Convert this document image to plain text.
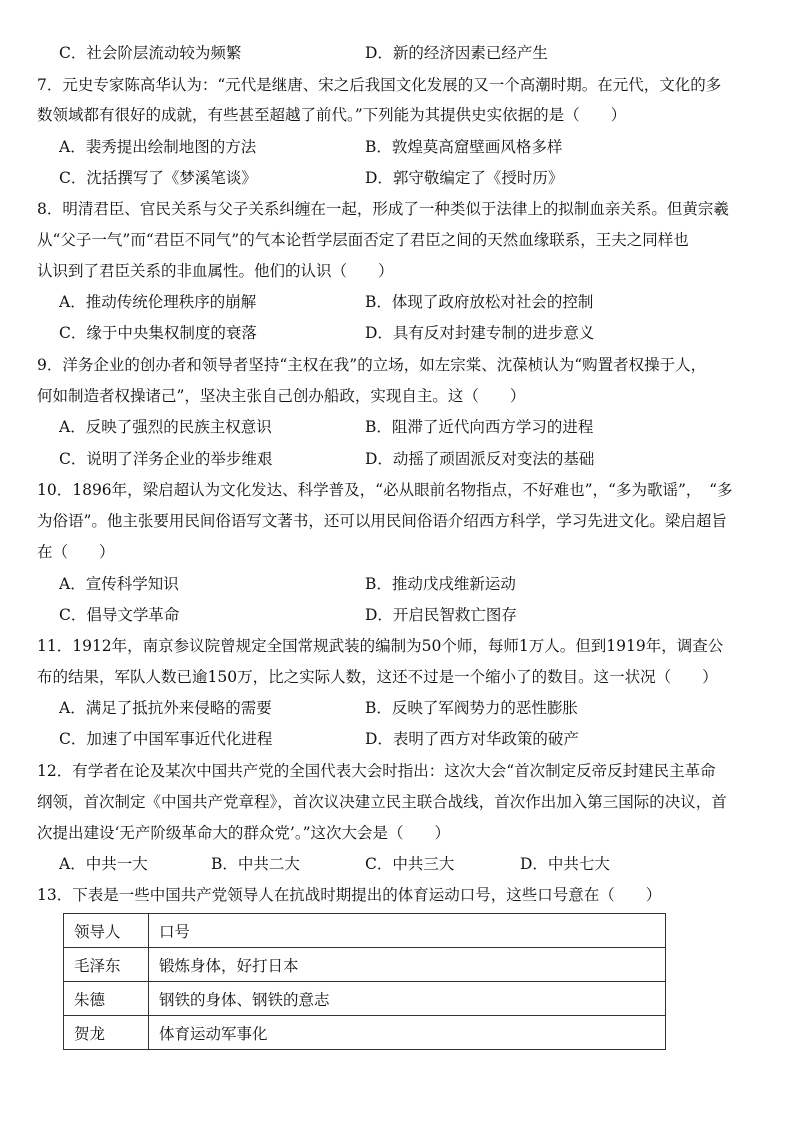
C．社会阶层流动较为频繁	D．新的经济因素已经产生
7．元史专家陈高华认为：“元代是继唐、宋之后我国文化发展的又一个高潮时期。在元代，文化的多
数领域都有很好的成就，有些甚至超越了前代。”下列能为其提供史实依据的是（　　）
A．裴秀提出绘制地图的方法	B．敦煌莫高窟壁画风格多样
C．沈括撰写了《梦溪笔谈》	D．郭守敬编定了《授时历》
8．明清君臣、官民关系与父子关系纠缠在一起，形成了一种类似于法律上的拟制血亲关系。但黄宗羲
从“父子一气”而“君臣不同气”的气本论哲学层面否定了君臣之间的天然血缘联系，王夫之同样也
认识到了君臣关系的非血属性。他们的认识（　　）
A．推动传统伦理秩序的崩解	B．体现了政府放松对社会的控制
C．缘于中央集权制度的衰落	D．具有反对封建专制的进步意义
9．洋务企业的创办者和领导者坚持“主权在我”的立场，如左宗棠、沈葆桢认为“购置者权操于人，
何如制造者权操诸己”，坚决主张自己创办船政，实现自主。这（　　）
A．反映了强烈的民族主权意识	B．阻滞了近代向西方学习的进程
C．说明了洋务企业的举步维艰	D．动摇了顽固派反对变法的基础
10．1896年，梁启超认为文化发达、科学普及，“必从眼前名物指点，不好难也”，“多为歌谣”，　“多
为俗语”。他主张要用民间俗语写文著书，还可以用民间俗语介绍西方科学，学习先进文化。梁启超旨
在（　　）
A．宣传科学知识	B．推动戊戌维新运动
C．倡导文学革命	D．开启民智救亡图存
11．1912年，南京参议院曾规定全国常规武装的编制为50个师，每师1万人。但到1919年，调查公
布的结果，军队人数已逾150万，比之实际人数，这还不过是一个缩小了的数目。这一状况（　　）
A．满足了抵抗外来侵略的需要	B．反映了军阀势力的恶性膨胀
C．加速了中国军事近代化进程	D．表明了西方对华政策的破产
12．有学者在论及某次中国共产党的全国代表大会时指出：这次大会“首次制定反帝反封建民主革命
纲领，首次制定《中国共产党章程》，首次议决建立民主联合战线，首次作出加入第三国际的决议，首
次提出建设‘无产阶级革命大的群众党’。”这次大会是（　　）
A．中共一大	B．中共二大	C．中共三大	D．中共七大
13．下表是一些中国共产党领导人在抗战时期提出的体育运动口号，这些口号意在（　　）
领导人	口号
毛泽东	锻炼身体，好打日本
朱德	钢铁的身体、钢铁的意志
贺龙	体育运动军事化
